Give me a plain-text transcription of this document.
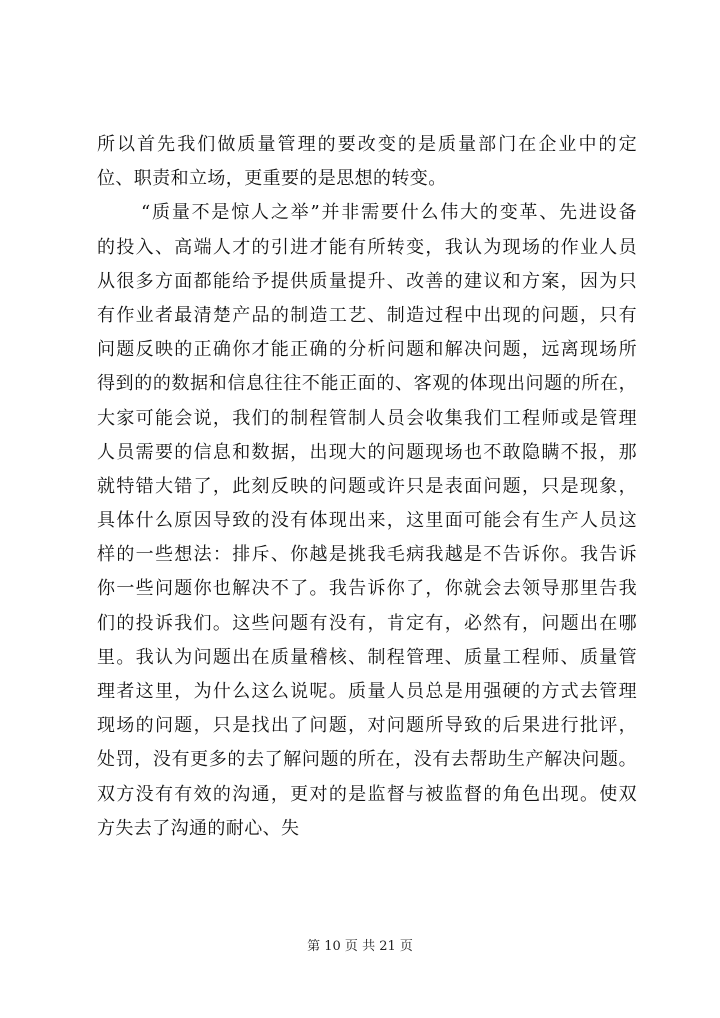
所以首先我们做质量管理的要改变的是质量部门在企业中的定
位、职责和立场，更重要的是思想的转变。
“质量不是惊人之举”并非需要什么伟大的变革、先进设备
的投入、高端人才的引进才能有所转变，我认为现场的作业人员
从很多方面都能给予提供质量提升、改善的建议和方案，因为只
有作业者最清楚产品的制造工艺、制造过程中出现的问题，只有
问题反映的正确你才能正确的分析问题和解决问题，远离现场所
得到的的数据和信息往往不能正面的、客观的体现出问题的所在，
大家可能会说，我们的制程管制人员会收集我们工程师或是管理
人员需要的信息和数据，出现大的问题现场也不敢隐瞒不报，那
就特错大错了，此刻反映的问题或许只是表面问题，只是现象，
具体什么原因导致的没有体现出来，这里面可能会有生产人员这
样的一些想法：排斥、你越是挑我毛病我越是不告诉你。我告诉
你一些问题你也解决不了。我告诉你了，你就会去领导那里告我
们的投诉我们。这些问题有没有，肯定有，必然有，问题出在哪
里。我认为问题出在质量稽核、制程管理、质量工程师、质量管
理者这里，为什么这么说呢。质量人员总是用强硬的方式去管理
现场的问题，只是找出了问题，对问题所导致的后果进行批评，
处罚，没有更多的去了解问题的所在，没有去帮助生产解决问题。
双方没有有效的沟通，更对的是监督与被监督的角色出现。使双
方失去了沟通的耐心、失
第 10 页 共 21 页
